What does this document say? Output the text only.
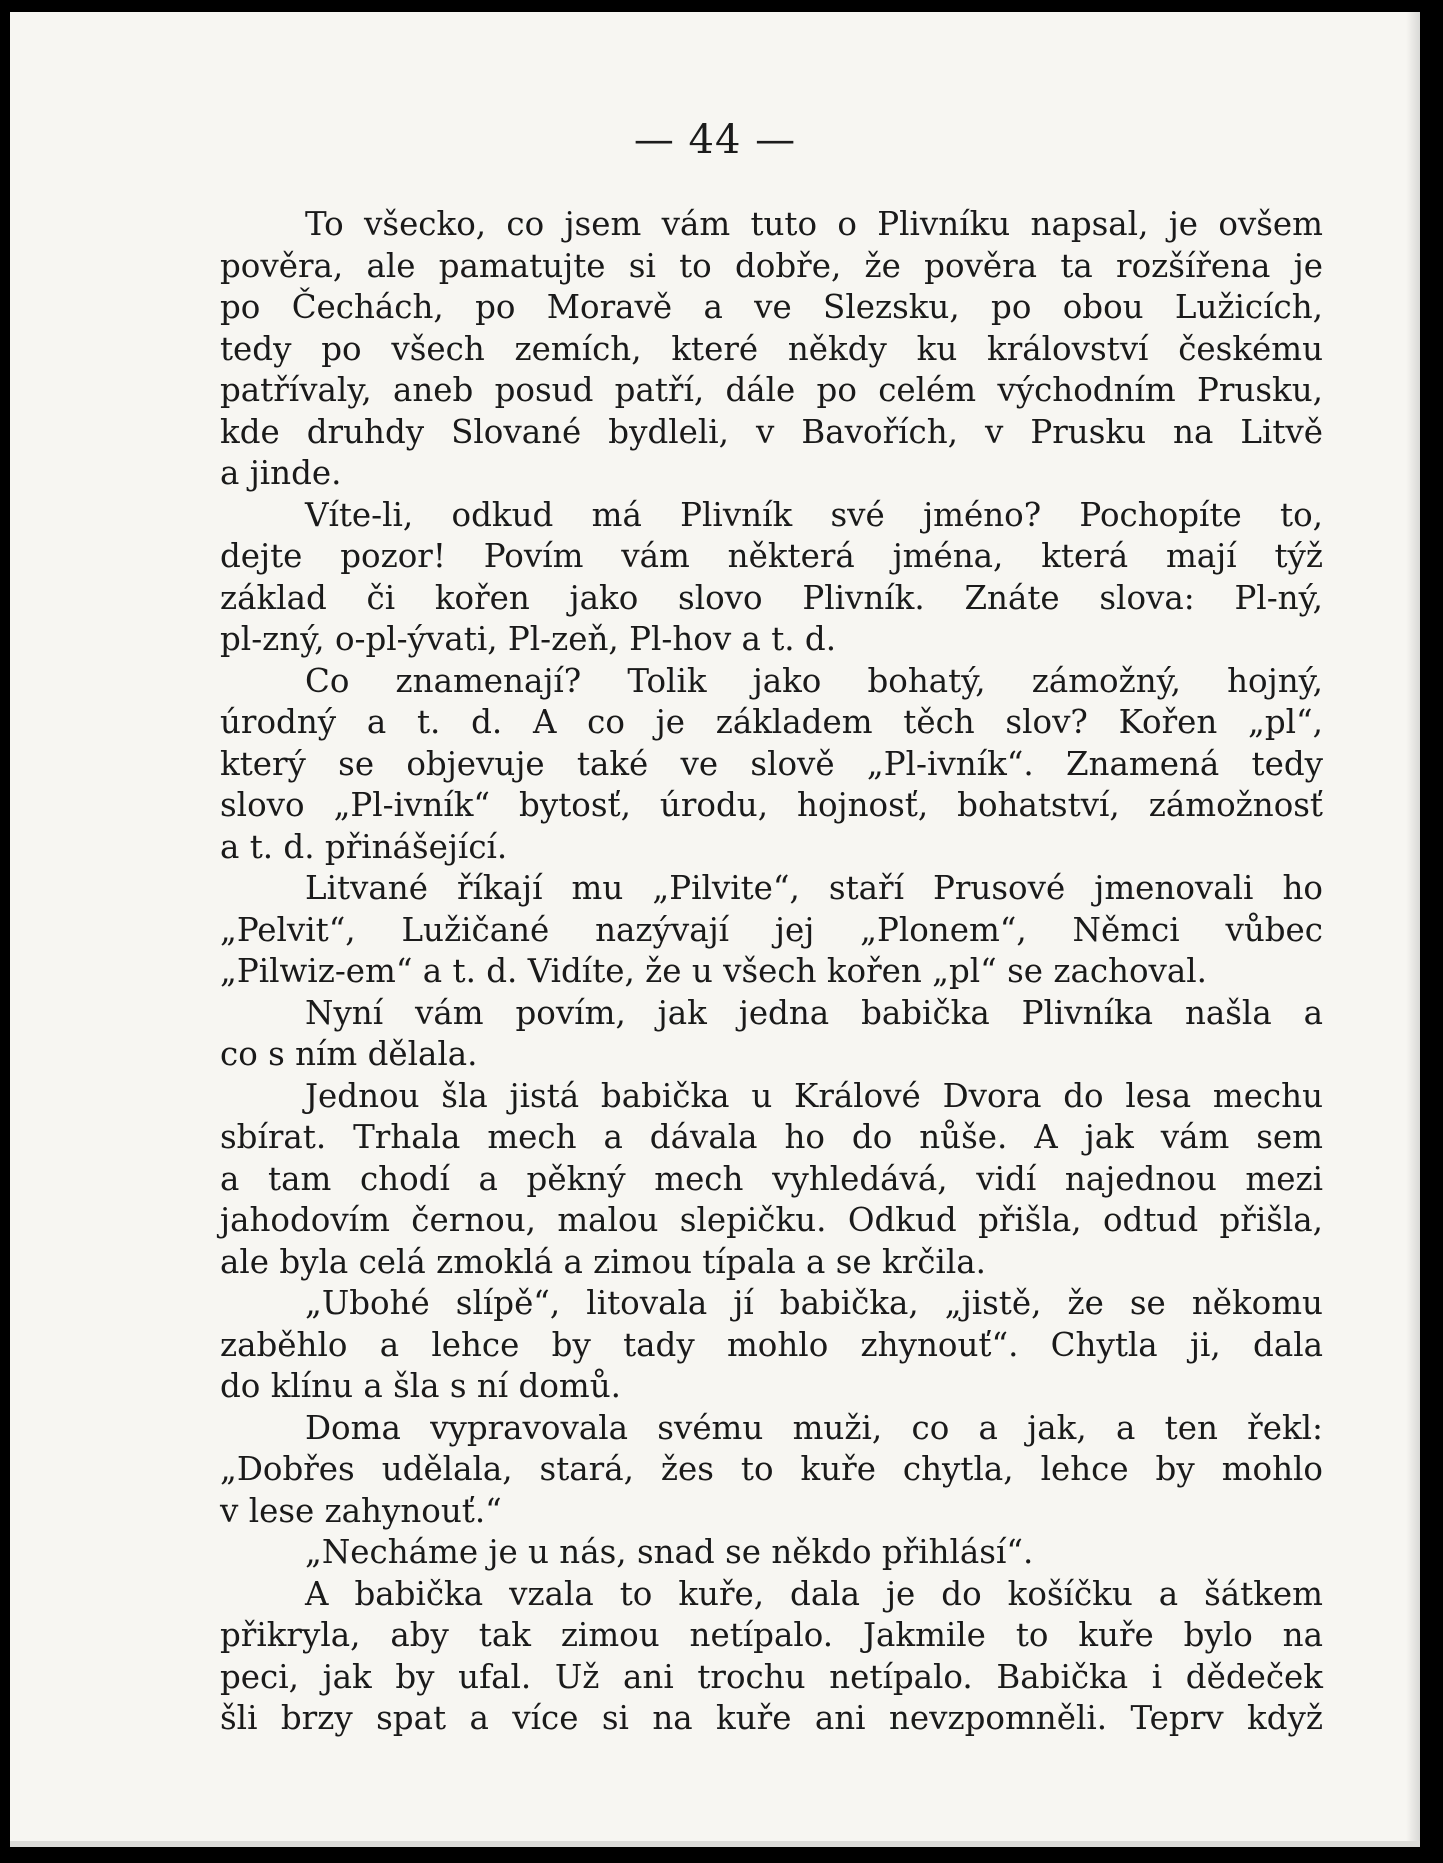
— 44 —
To všecko, co jsem vám tuto o Plivníku napsal, je ovšem
pověra, ale pamatujte si to dobře, že pověra ta rozšířena je
po Čechách, po Moravě a ve Slezsku, po obou Lužicích,
tedy po všech zemích, které někdy ku království českému
patřívaly, aneb posud patří, dále po celém východním Prusku,
kde druhdy Slované bydleli, v Bavořích, v Prusku na Litvě
a jinde.
Víte-li, odkud má Plivník své jméno? Pochopíte to,
dejte pozor! Povím vám některá jména, která mají týž
základ či kořen jako slovo Plivník. Znáte slova: Pl-ný,
pl-zný, o-pl-ývati, Pl-zeň, Pl-hov a t. d.
Co znamenají? Tolik jako bohatý, zámožný, hojný,
úrodný a t. d. A co je základem těch slov? Kořen „pl“,
který se objevuje také ve slově „Pl-ivník“. Znamená tedy
slovo „Pl-ivník“ bytosť, úrodu, hojnosť, bohatství, zámožnosť
a t. d. přinášející.
Litvané říkají mu „Pilvite“, staří Prusové jmenovali ho
„Pelvit“, Lužičané nazývají jej „Plonem“, Němci vůbec
„Pilwiz-em“ a t. d. Vidíte, že u všech kořen „pl“ se zachoval.
Nyní vám povím, jak jedna babička Plivníka našla a
co s ním dělala.
Jednou šla jistá babička u Králové Dvora do lesa mechu
sbírat. Trhala mech a dávala ho do nůše. A jak vám sem
a tam chodí a pěkný mech vyhledává, vidí najednou mezi
jahodovím černou, malou slepičku. Odkud přišla, odtud přišla,
ale byla celá zmoklá a zimou típala a se krčila.
„Ubohé slípě“, litovala jí babička, „jistě, že se někomu
zaběhlo a lehce by tady mohlo zhynouť“. Chytla ji, dala
do klínu a šla s ní domů.
Doma vypravovala svému muži, co a jak, a ten řekl:
„Dobřes udělala, stará, žes to kuře chytla, lehce by mohlo
v lese zahynouť.“
„Necháme je u nás, snad se někdo přihlásí“.
A babička vzala to kuře, dala je do košíčku a šátkem
přikryla, aby tak zimou netípalo. Jakmile to kuře bylo na
peci, jak by ufal. Už ani trochu netípalo. Babička i dědeček
šli brzy spat a více si na kuře ani nevzpomněli. Teprv když
